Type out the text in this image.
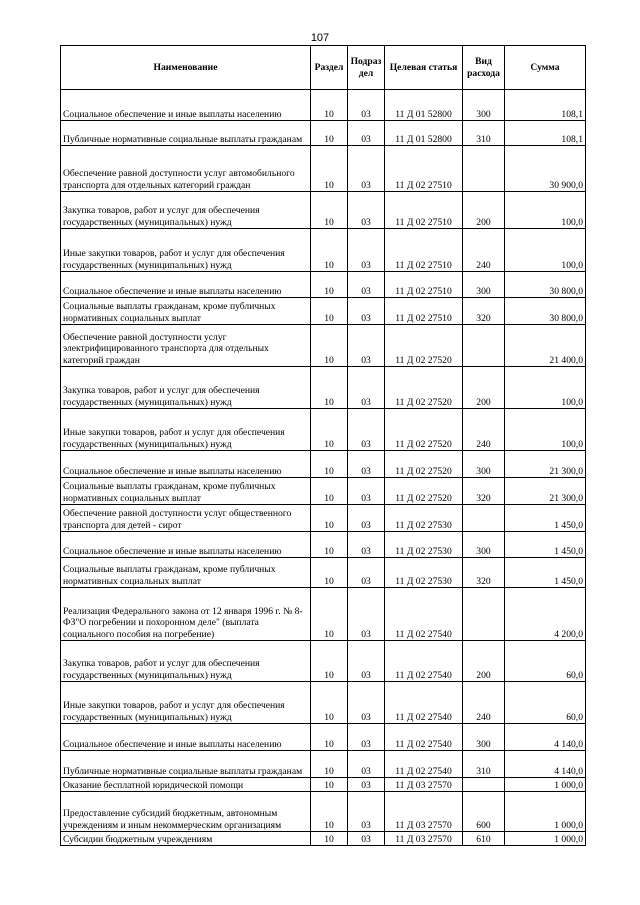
107
Наименование	Раздел	Подраз дел	Целевая статья	Вид расхода	Сумма
Социальное обеспечение и иные выплаты населению	10	03	11 Д 01 52800	300	108,1
Публичные нормативные социальные выплаты гражданам	10	03	11 Д 01 52800	310	108,1
Обеспечение равной доступности услуг автомобильного транспорта для отдельных категорий граждан	10	03	11 Д 02 27510		30 900,0
Закупка товаров, работ и услуг для обеспечения государственных (муниципальных) нужд	10	03	11 Д 02 27510	200	100,0
Иные закупки товаров, работ и услуг для обеспечения государственных (муниципальных) нужд	10	03	11 Д 02 27510	240	100,0
Социальное обеспечение и иные выплаты населению	10	03	11 Д 02 27510	300	30 800,0
Социальные выплаты гражданам, кроме публичных нормативных социальных выплат	10	03	11 Д 02 27510	320	30 800,0
Обеспечение равной доступности услуг электрифицированного транспорта для отдельных категорий граждан	10	03	11 Д 02 27520		21 400,0
Закупка товаров, работ и услуг для обеспечения государственных (муниципальных) нужд	10	03	11 Д 02 27520	200	100,0
Иные закупки товаров, работ и услуг для обеспечения государственных (муниципальных) нужд	10	03	11 Д 02 27520	240	100,0
Социальное обеспечение и иные выплаты населению	10	03	11 Д 02 27520	300	21 300,0
Социальные выплаты гражданам, кроме публичных нормативных социальных выплат	10	03	11 Д 02 27520	320	21 300,0
Обеспечение равной доступности услуг общественного транспорта для детей - сирот	10	03	11 Д 02 27530		1 450,0
Социальное обеспечение и иные выплаты населению	10	03	11 Д 02 27530	300	1 450,0
Социальные выплаты гражданам, кроме публичных нормативных социальных выплат	10	03	11 Д 02 27530	320	1 450,0
Реализация Федерального закона от 12 января 1996 г. № 8-ФЗ"О погребении и похоронном деле" (выплата социального пособия на погребение)	10	03	11 Д 02 27540		4 200,0
Закупка товаров, работ и услуг для обеспечения государственных (муниципальных) нужд	10	03	11 Д 02 27540	200	60,0
Иные закупки товаров, работ и услуг для обеспечения государственных (муниципальных) нужд	10	03	11 Д 02 27540	240	60,0
Социальное обеспечение и иные выплаты населению	10	03	11 Д 02 27540	300	4 140,0
Публичные нормативные социальные выплаты гражданам	10	03	11 Д 02 27540	310	4 140,0
Оказание бесплатной юридической помощи	10	03	11 Д 03 27570		1 000,0
Предоставление субсидий бюджетным, автономным учреждениям и иным некоммерческим организациям	10	03	11 Д 03 27570	600	1 000,0
Субсидии бюджетным учреждениям	10	03	11 Д 03 27570	610	1 000,0
